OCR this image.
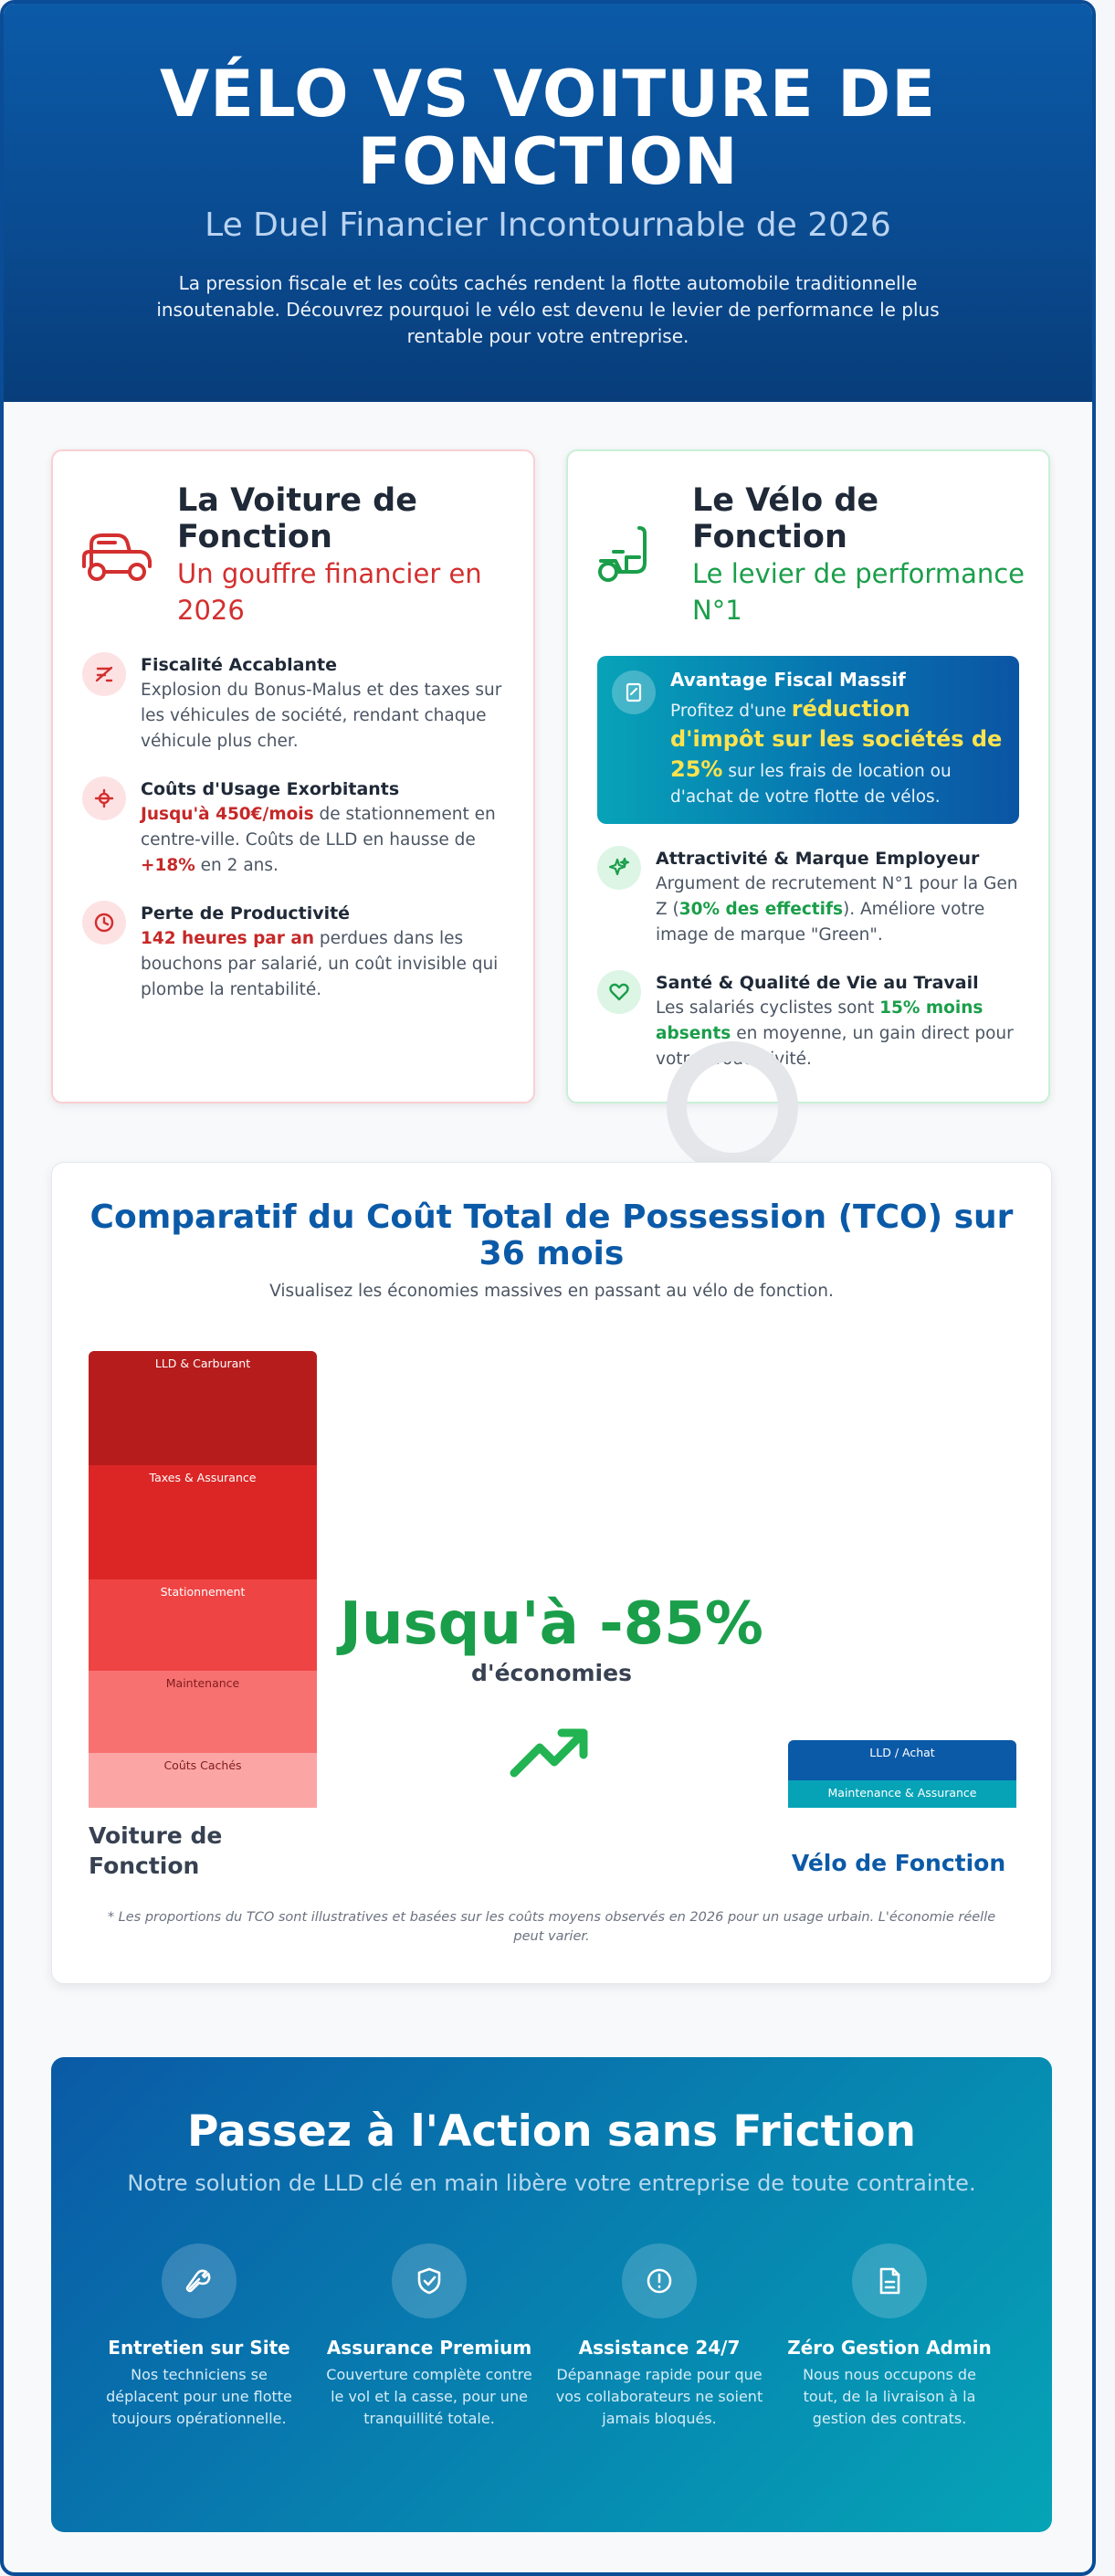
VÉLO VS VOITURE DE
FONCTION
Le Duel Financier Incontournable de 2026
La pression fiscale et les coûts cachés rendent la flotte automobile traditionnelle insoutenable. Découvrez pourquoi le vélo est devenu le levier de performance le plus rentable pour votre entreprise.
La Voiture de Fonction
Un gouffre financier en 2026
Fiscalité Accablante
Explosion du Bonus-Malus et des taxes sur les véhicules de société, rendant chaque véhicule plus cher.
Coûts d'Usage Exorbitants
Jusqu'à 450€/mois de stationnement en centre-ville. Coûts de LLD en hausse de +18% en 2 ans.
Perte de Productivité
142 heures par an perdues dans les bouchons par salarié, un coût invisible qui plombe la rentabilité.
Le Vélo de Fonction
Le levier de performance N°1
Avantage Fiscal Massif
Profitez d'une réduction d'impôt sur les sociétés de 25% sur les frais de location ou d'achat de votre flotte de vélos.
Attractivité & Marque Employeur
Argument de recrutement N°1 pour la Gen Z (30% des effectifs). Améliore votre image de marque "Green".
Santé & Qualité de Vie au Travail
Les salariés cyclistes sont 15% moins absents en moyenne, un gain direct pour votre productivité.
Comparatif du Coût Total de Possession (TCO) sur 36 mois
Visualisez les économies massives en passant au vélo de fonction.
LLD & Carburant
Taxes & Assurance
Stationnement
Maintenance
Coûts Cachés
Voiture de Fonction
Jusqu'à -85%
d'économies
LLD / Achat
Maintenance & Assurance
Vélo de Fonction
* Les proportions du TCO sont illustratives et basées sur les coûts moyens observés en 2026 pour un usage urbain. L'économie réelle peut varier.
Passez à l'Action sans Friction
Notre solution de LLD clé en main libère votre entreprise de toute contrainte.
Entretien sur Site
Nos techniciens se déplacent pour une flotte toujours opérationnelle.
Assurance Premium
Couverture complète contre le vol et la casse, pour une tranquillité totale.
Assistance 24/7
Dépannage rapide pour que vos collaborateurs ne soient jamais bloqués.
Zéro Gestion Admin
Nous nous occupons de tout, de la livraison à la gestion des contrats.
